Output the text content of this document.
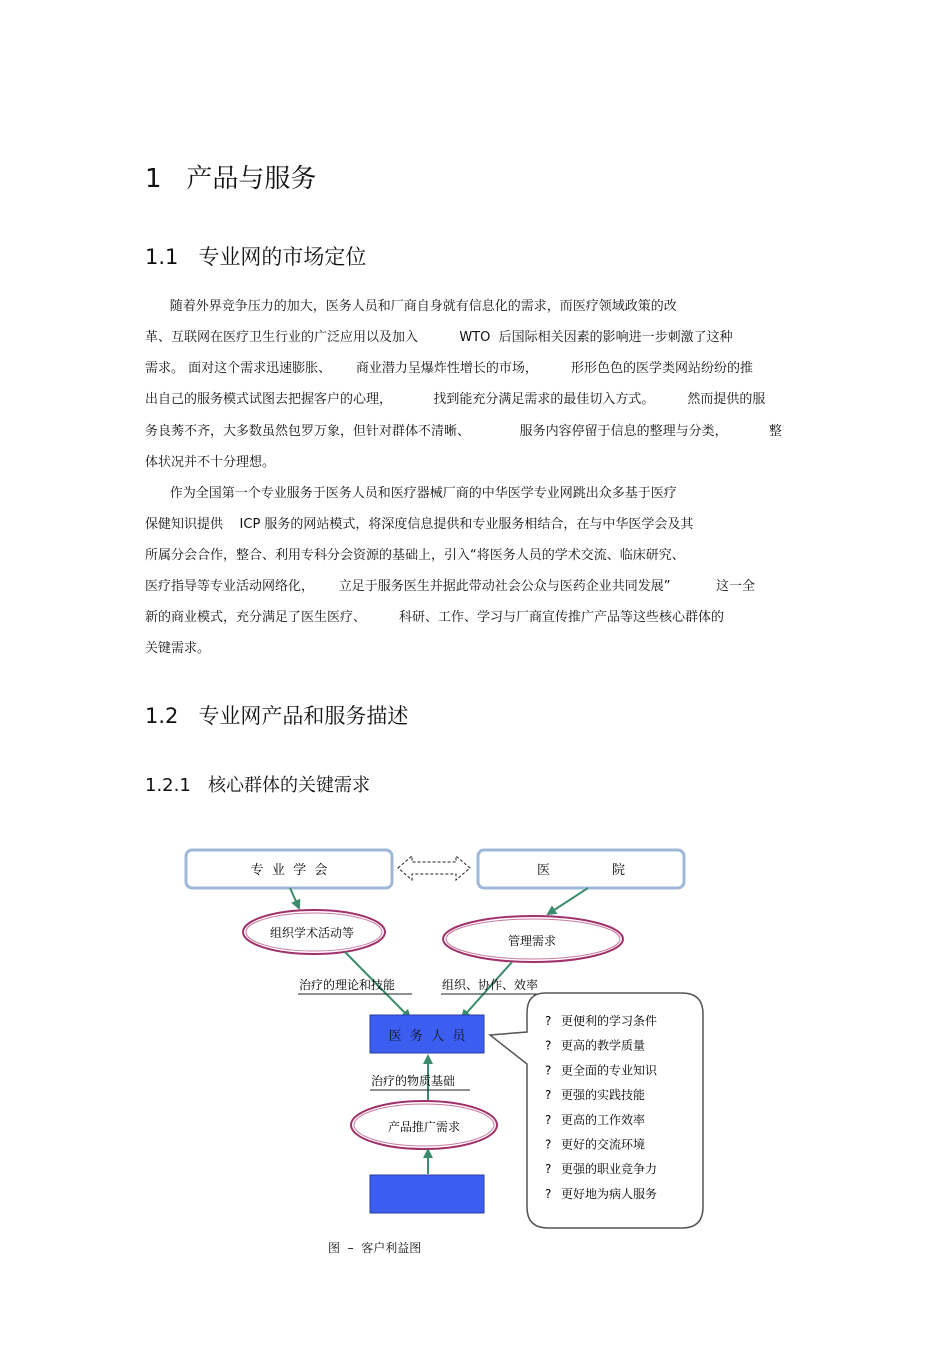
1 产品与服务
1.1 专业网的市场定位
随着外界竞争压力的加大，医务人员和厂商自身就有信息化的需求，而医疗领域政策的改
革、互联网在医疗卫生行业的广泛应用以及加入          WTO  后国际相关因素的影响进一步刺激了这种
需求。 面对这个需求迅速膨胀、      商业潜力呈爆炸性增长的市场，        形形色色的医学类网站纷纷的推
出自己的服务模式试图去把握客户的心理，          找到能充分满足需求的最佳切入方式。        然而提供的服
务良莠不齐，大多数虽然包罗万象，但针对群体不清晰、            服务内容停留于信息的整理与分类，          整
体状况并不十分理想。
作为全国第一个专业服务于医务人员和医疗器械厂商的中华医学专业网跳出众多基于医疗
保健知识提供    ICP 服务的网站模式，将深度信息提供和专业服务相结合，在与中华医学会及其
所属分会合作，整合、利用专科分会资源的基础上，引入“将医务人员的学术交流、临床研究、
医疗指导等专业活动网络化，      立足于服务医生并据此带动社会公众与医药企业共同发展”           这一全
新的商业模式，充分满足了医生医疗、        科研、工作、学习与厂商宣传推广产品等这些核心群体的
关键需求。
1.2 专业网产品和服务描述
1.2.1 核心群体的关键需求
专  业  学  会	医               院
组织学术活动等
管理需求
治疗的理论和技能	组织、协作、效率
医  务  人  员
治疗的物质基础
产品推广需求
? 更便利的学习条件
? 更高的教学质量
? 更全面的专业知识
? 更强的实践技能
? 更高的工作效率
? 更好的交流环境
? 更强的职业竞争力
? 更好地为病人服务
图  –  客户利益图
